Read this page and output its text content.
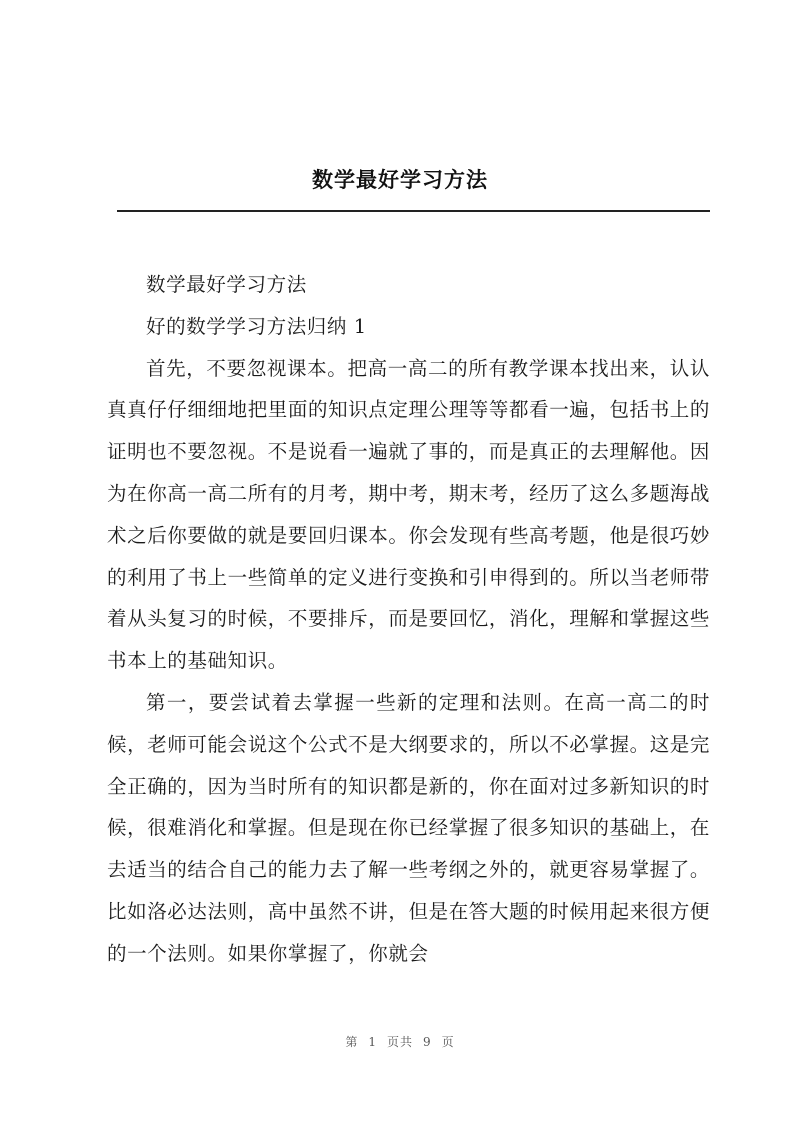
数学最好学习方法

数学最好学习方法

好的数学学习方法归纳 1

首先，不要忽视课本。把高一高二的所有教学课本找出来，认认真真仔仔细细地把里面的知识点定理公理等等都看一遍，包括书上的证明也不要忽视。不是说看一遍就了事的，而是真正的去理解他。因为在你高一高二所有的月考，期中考，期末考，经历了这么多题海战术之后你要做的就是要回归课本。你会发现有些高考题，他是很巧妙的利用了书上一些简单的定义进行变换和引申得到的。所以当老师带着从头复习的时候，不要排斥，而是要回忆，消化，理解和掌握这些书本上的基础知识。

第一，要尝试着去掌握一些新的定理和法则。在高一高二的时候，老师可能会说这个公式不是大纲要求的，所以不必掌握。这是完全正确的，因为当时所有的知识都是新的，你在面对过多新知识的时候，很难消化和掌握。但是现在你已经掌握了很多知识的基础上，在去适当的结合自己的能力去了解一些考纲之外的，就更容易掌握了。比如洛必达法则，高中虽然不讲，但是在答大题的时候用起来很方便的一个法则。如果你掌握了，你就会

第 1 页共 9 页
